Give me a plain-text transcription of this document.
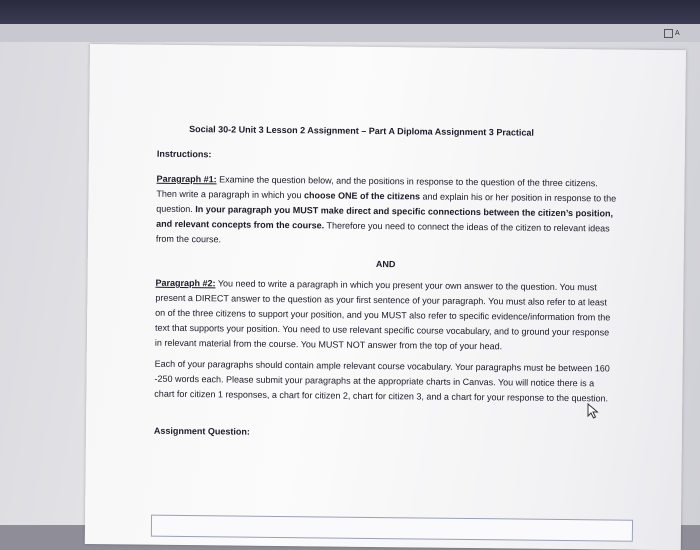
A
Social 30-2 Unit 3 Lesson 2 Assignment – Part A Diploma Assignment 3 Practical
Instructions:

Paragraph #1: Examine the question below, and the positions in response to the question of the three citizens. Then write a paragraph in which you choose ONE of the citizens and explain his or her position in response to the question. In your paragraph you MUST make direct and specific connections between the citizen’s position, and relevant concepts from the course. Therefore you need to connect the ideas of the citizen to relevant ideas from the course.

AND

Paragraph #2: You need to write a paragraph in which you present your own answer to the question. You must present a DIRECT answer to the question as your first sentence of your paragraph. You must also refer to at least on of the three citizens to support your position, and you MUST also refer to specific evidence/information from the text that supports your position. You need to use relevant specific course vocabulary, and to ground your response in relevant material from the course. You MUST NOT answer from the top of your head.

Each of your paragraphs should contain ample relevant course vocabulary. Your paragraphs must be between 160 -250 words each. Please submit your paragraphs at the appropriate charts in Canvas. You will notice there is a chart for citizen 1 responses, a chart for citizen 2, chart for citizen 3, and a chart for your response to the question.

Assignment Question:
